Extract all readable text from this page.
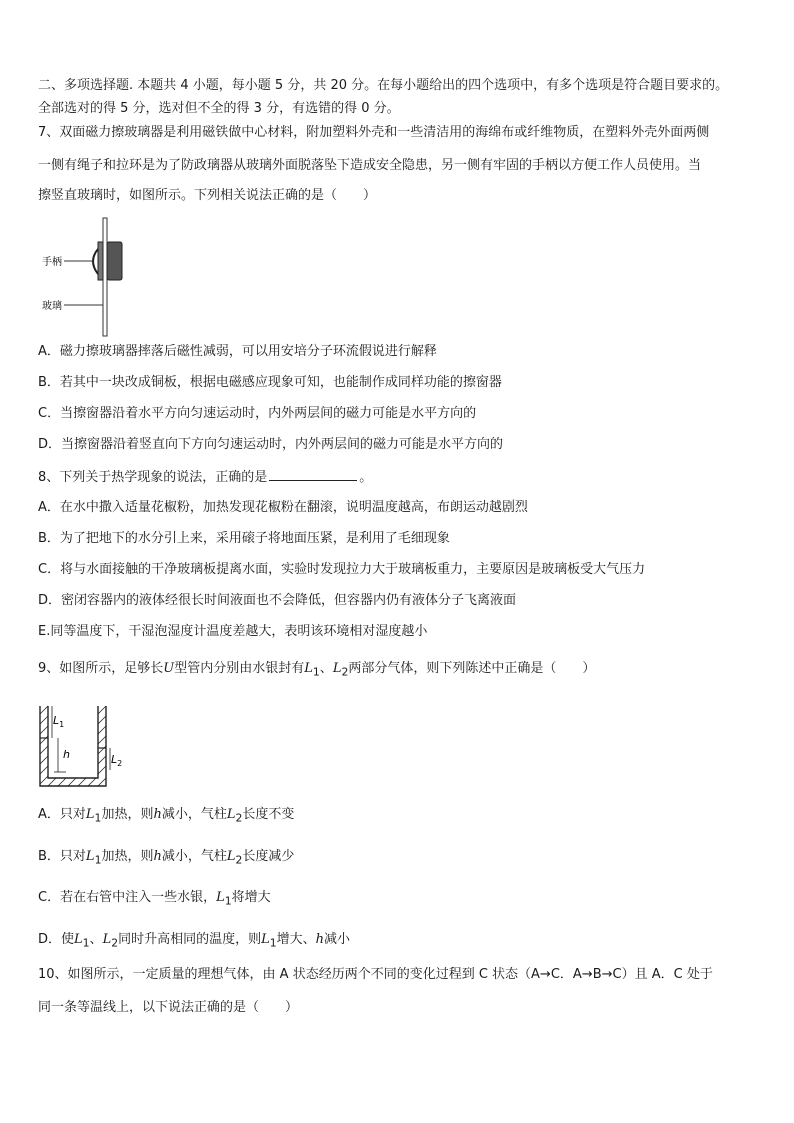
二、多项选择题. 本题共 4 小题，每小题 5 分，共 20 分。在每小题给出的四个选项中，有多个选项是符合题目要求的。
全部选对的得 5 分，选对但不全的得 3 分，有选错的得 0 分。
7、双面磁力擦玻璃器是利用磁铁做中心材料，附加塑料外壳和一些清洁用的海绵布或纤维物质，在塑料外壳外面两侧
一侧有绳子和拉环是为了防政璃器从玻璃外面脱落坠下造成安全隐患，另一侧有牢固的手柄以方便工作人员使用。当
擦竖直玻璃时，如图所示。下列相关说法正确的是（　　）
手柄
玻璃
A．磁力擦玻璃器摔落后磁性减弱，可以用安培分子环流假说进行解释
B．若其中一块改成铜板，根据电磁感应现象可知，也能制作成同样功能的擦窗器
C．当擦窗器沿着水平方向匀速运动时，内外两层间的磁力可能是水平方向的
D．当擦窗器沿着竖直向下方向匀速运动时，内外两层间的磁力可能是水平方向的
8、下列关于热学现象的说法，正确的是	。
A．在水中撒入适量花椒粉，加热发现花椒粉在翻滚，说明温度越高，布朗运动越剧烈
B．为了把地下的水分引上来，采用磙子将地面压紧，是利用了毛细现象
C．将与水面接触的干净玻璃板提离水面，实验时发现拉力大于玻璃板重力，主要原因是玻璃板受大气压力
D．密闭容器内的液体经很长时间液面也不会降低，但容器内仍有液体分子飞离液面
E.同等温度下，干湿泡湿度计温度差越大，表明该环境相对湿度越小
9、如图所示，足够长U型管内分别由水银封有$L_1$、$L_2$两部分气体，则下列陈述中正确是（　　）
$L_1$
h	$L_2$
A．只对$L_1$加热，则h减小，气柱$L_2$长度不变
B．只对$L_1$加热，则h减小，气柱$L_2$长度减少
C．若在右管中注入一些水银，$L_1$将增大
D．使$L_1$、$L_2$同时升高相同的温度，则$L_1$增大、h减小
10、如图所示，一定质量的理想气体，由 A 状态经历两个不同的变化过程到 C 状态（A→C．A→B→C）且 A．C 处于
同一条等温线上，以下说法正确的是（　　）
